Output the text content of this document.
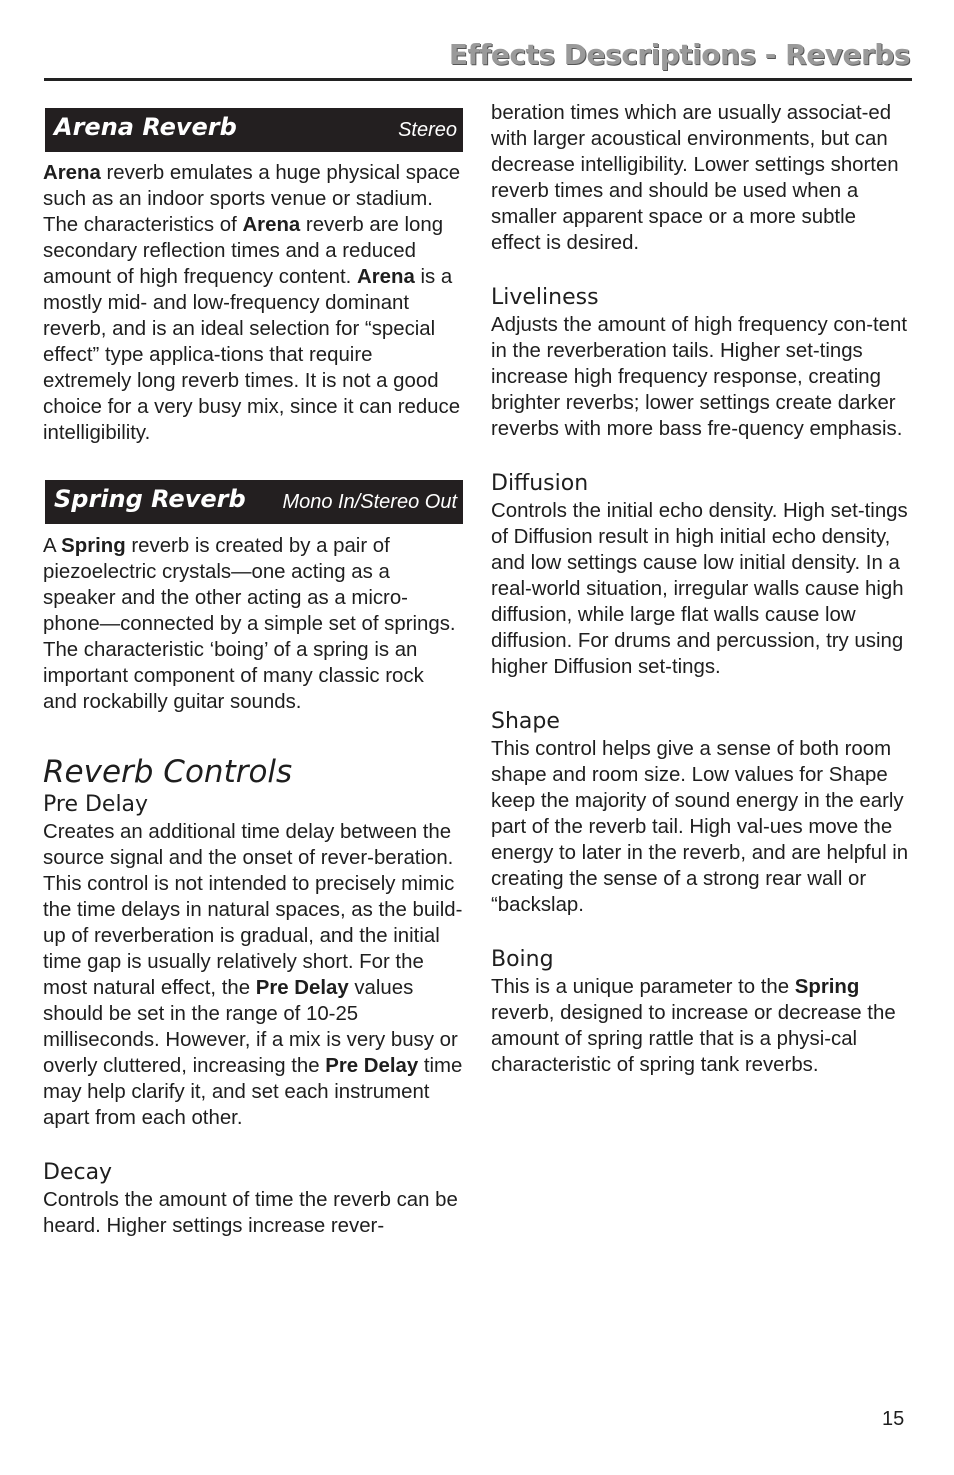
Effects Descriptions - Reverbs
Arena Reverb	Stereo

Arena reverb emulates a huge physical space such as an indoor sports venue or stadium. The characteristics of Arena reverb are long secondary reflection times and a reduced amount of high frequency content. Arena is a mostly mid- and low-frequency dominant reverb, and is an ideal selection for “special effect” type applica-tions that require extremely long reverb times. It is not a good choice for a very busy mix, since it can reduce intelligibility.

Spring Reverb Mono In/Stereo Out

A Spring reverb is created by a pair of piezoelectric crystals—one acting as a speaker and the other acting as a micro-phone—connected by a simple set of springs. The characteristic ‘boing’ of a spring is an important component of many classic rock and rockabilly guitar sounds.

Reverb Controls
Pre Delay

Creates an additional time delay between the source signal and the onset of rever-beration. This control is not intended to precisely mimic the time delays in natural spaces, as the build-up of reverberation is gradual, and the initial time gap is usually relatively short. For the most natural effect, the Pre Delay values should be set in the range of 10-25 milliseconds. However, if a mix is very busy or overly cluttered, increasing the Pre Delay time may help clarify it, and set each instrument apart from each other.

Decay

Controls the amount of time the reverb can be heard. Higher settings increase rever-

beration times which are usually associat-ed with larger acoustical environments, but can decrease intelligibility. Lower settings shorten reverb times and should be used when a smaller apparent space or a more subtle effect is desired.

Liveliness

Adjusts the amount of high frequency con-tent in the reverberation tails. Higher set-tings increase high frequency response, creating brighter reverbs; lower settings create darker reverbs with more bass fre-quency emphasis.

Diffusion

Controls the initial echo density. High set-tings of Diffusion result in high initial echo density, and low settings cause low initial density. In a real-world situation, irregular walls cause high diffusion, while large flat walls cause low diffusion. For drums and percussion, try using higher Diffusion set-tings.

Shape

This control helps give a sense of both room shape and room size. Low values for Shape keep the majority of sound energy in the early part of the reverb tail. High val-ues move the energy to later in the reverb, and are helpful in creating the sense of a strong rear wall or “backslap.

Boing

This is a unique parameter to the Spring reverb, designed to increase or decrease the amount of spring rattle that is a physi-cal characteristic of spring tank reverbs.

15
